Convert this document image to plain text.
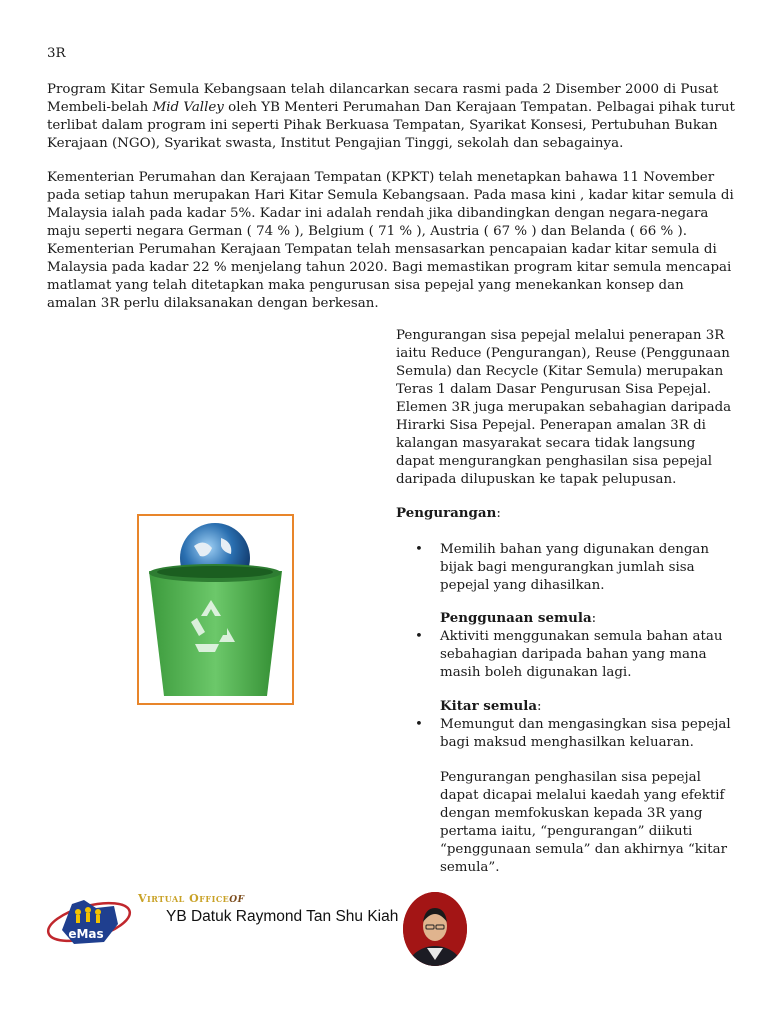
3R

Program Kitar Semula Kebangsaan telah dilancarkan secara rasmi pada 2 Disember 2000 di Pusat Membeli-belah Mid Valley oleh YB Menteri Perumahan Dan Kerajaan Tempatan. Pelbagai pihak turut terlibat dalam program ini seperti Pihak Berkuasa Tempatan, Syarikat Konsesi, Pertubuhan Bukan Kerajaan (NGO), Syarikat swasta, Institut Pengajian Tinggi, sekolah dan sebagainya.

Kementerian Perumahan dan Kerajaan Tempatan (KPKT) telah menetapkan bahawa 11 November pada setiap tahun merupakan Hari Kitar Semula Kebangsaan. Pada masa kini , kadar kitar semula di Malaysia ialah pada kadar 5%. Kadar ini adalah rendah jika dibandingkan dengan negara-negara maju seperti negara German ( 74 % ), Belgium ( 71 % ), Austria ( 67 % ) dan Belanda ( 66 % ). Kementerian Perumahan Kerajaan Tempatan telah mensasarkan pencapaian kadar kitar semula di Malaysia pada kadar 22 % menjelang tahun 2020. Bagi memastikan program kitar semula mencapai matlamat yang telah ditetapkan maka pengurusan sisa pepejal yang menekankan konsep dan amalan 3R perlu dilaksanakan dengan berkesan.

Pengurangan sisa pepejal melalui penerapan 3R iaitu Reduce (Pengurangan), Reuse (Penggunaan Semula) dan Recycle (Kitar Semula) merupakan Teras 1 dalam Dasar Pengurusan Sisa Pepejal. Elemen 3R juga merupakan sebahagian daripada Hirarki Sisa Pepejal. Penerapan amalan 3R di kalangan masyarakat secara tidak langsung dapat mengurangkan penghasilan sisa pepejal daripada dilupuskan ke tapak pelupusan.

Pengurangan:
• Memilih bahan yang digunakan dengan bijak bagi mengurangkan jumlah sisa pepejal yang dihasilkan.
Penggunaan semula:
• Aktiviti menggunakan semula bahan atau sebahagian daripada bahan yang mana masih boleh digunakan lagi.
Kitar semula:
• Memungut dan mengasingkan sisa pepejal bagi maksud menghasilkan keluaran.

Pengurangan penghasilan sisa pepejal dapat dicapai melalui kaedah yang efektif dengan memfokuskan kepada 3R yang pertama iaitu, “pengurangan” diikuti “penggunaan semula” dan akhirnya “kitar semula”.

eMas
Virtual Officeof
YB Datuk Raymond Tan Shu Kiah
